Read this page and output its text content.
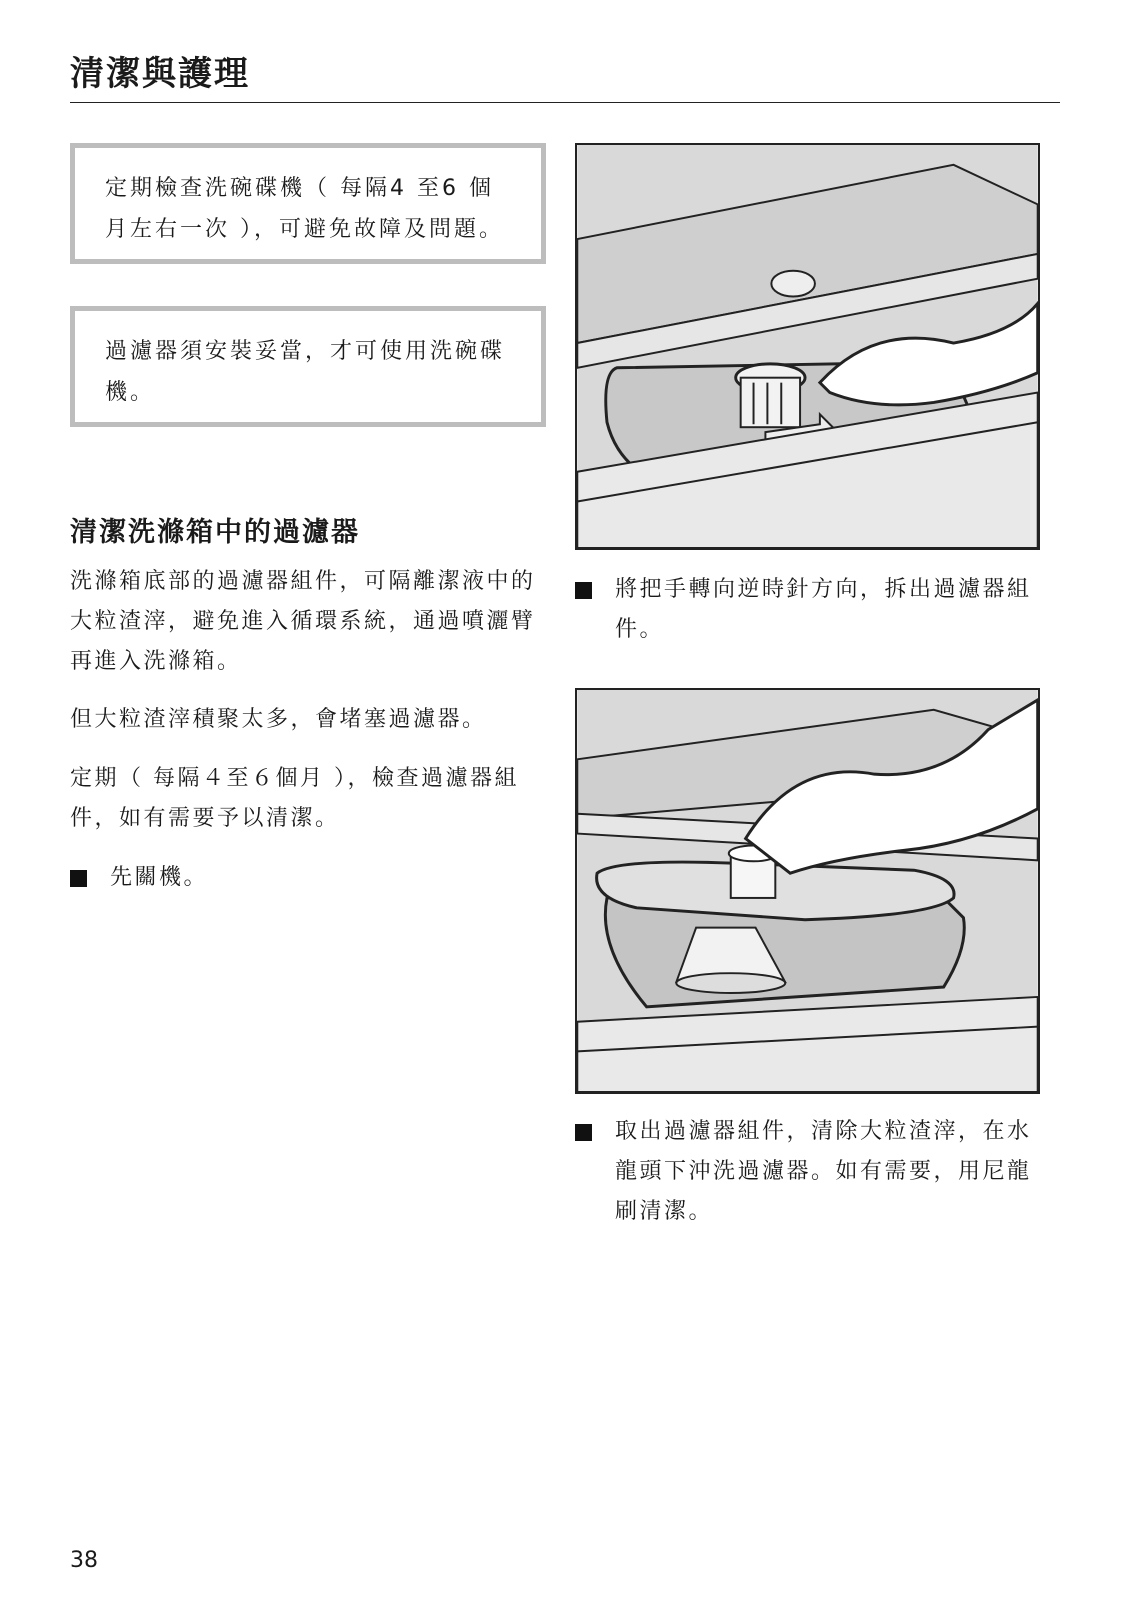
清潔與護理

定期檢查洗碗碟機（ 每隔4 至6 個月左右一次 ），可避免故障及問題。

過濾器須安裝妥當，才可使用洗碗碟機。

清潔洗滌箱中的過濾器

洗滌箱底部的過濾器組件，可隔離潔液中的大粒渣滓，避免進入循環系統，通過噴灑臂再進入洗滌箱。

但大粒渣滓積聚太多，會堵塞過濾器。

定期（ 每隔４至６個月 ），檢查過濾器組件，如有需要予以清潔。

先關機。
將把手轉向逆時針方向，拆出過濾器組件。
取出過濾器組件，清除大粒渣滓，在水龍頭下沖洗過濾器。如有需要，用尼龍刷清潔。

38
